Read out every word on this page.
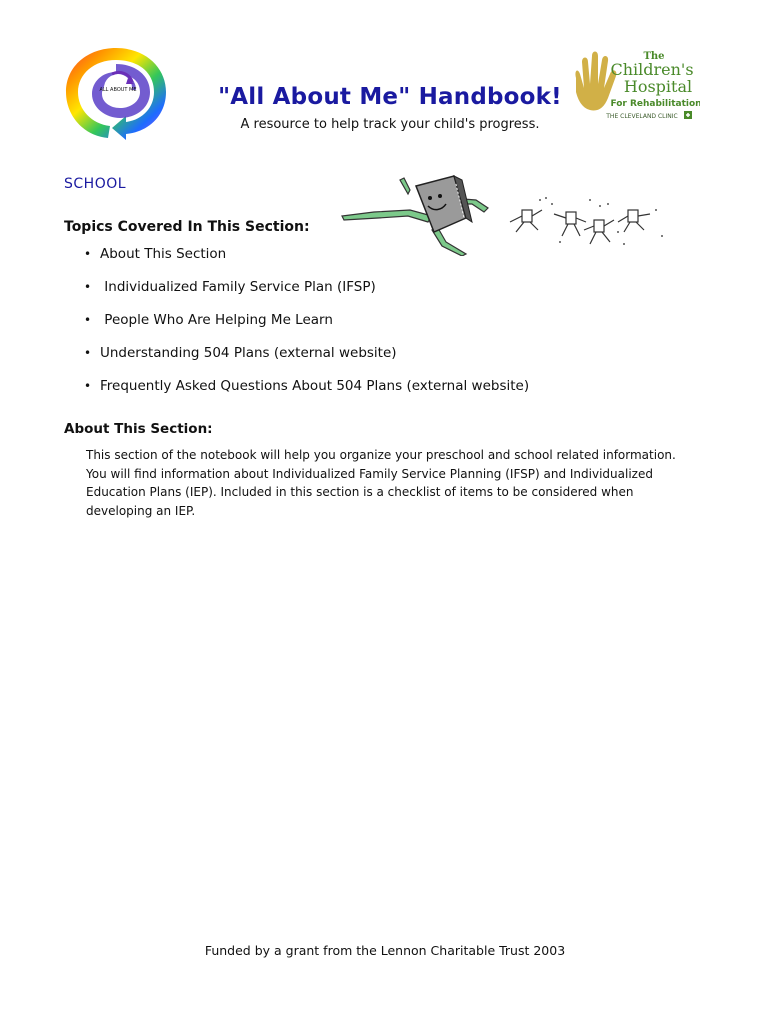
ALL ABOUT ME	"All About Me" Handbook!
A resource to help track your child's progress.
The
Children's
Hospital
For Rehabilitation
THE CLEVELAND CLINIC
SCHOOL
Topics Covered In This Section:
• About This Section
• Individualized Family Service Plan (IFSP)
• People Who Are Helping Me Learn
• Understanding 504 Plans (external website)
• Frequently Asked Questions About 504 Plans (external website)
About This Section:
This section of the notebook will help you organize your preschool and school related information. You will find information about Individualized Family Service Planning (IFSP) and Individualized Education Plans (IEP). Included in this section is a checklist of items to be considered when developing an IEP.
Funded by a grant from the Lennon Charitable Trust 2003
